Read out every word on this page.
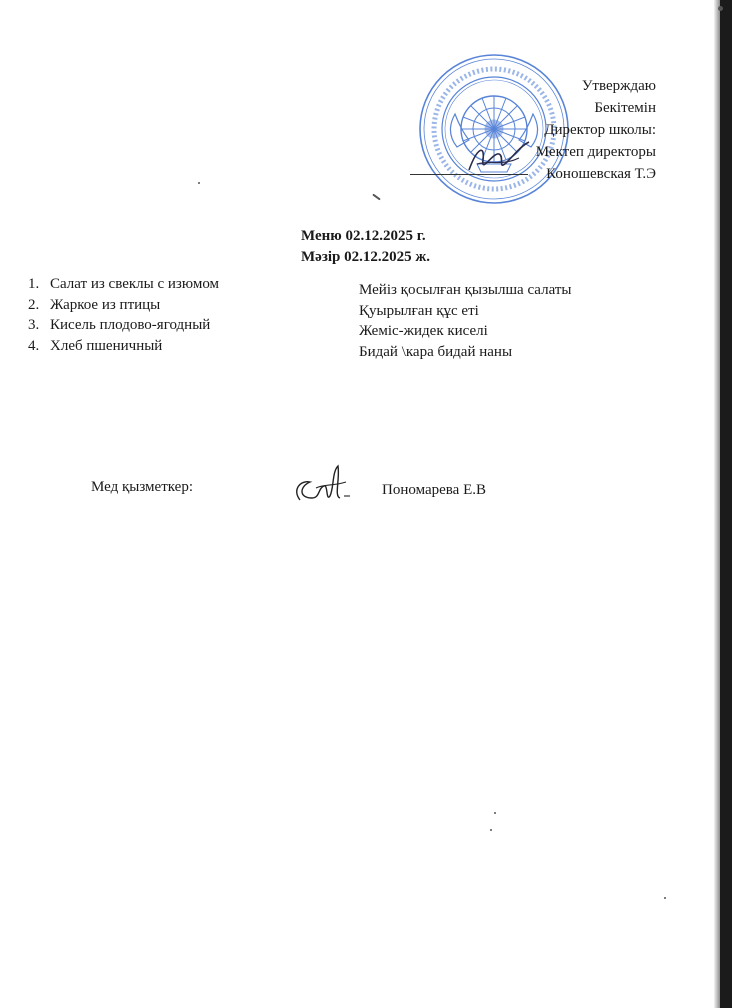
Утверждаю
Бекітемін
Директор школы:
Мектеп директоры
Коношевская Т.Э
Меню 02.12.2025 г.
Мәзір 02.12.2025 ж.
1. Салат из свеклы с изюмом
2. Жаркое из птицы
3. Кисель плодово-ягодный
4. Хлеб пшеничный
Мейіз қосылған қызылша салаты
Қуырылған құс еті
Жеміс-жидек киселі
Бидай \кара бидай наны
Мед қызметкер:	Пономарева Е.В
